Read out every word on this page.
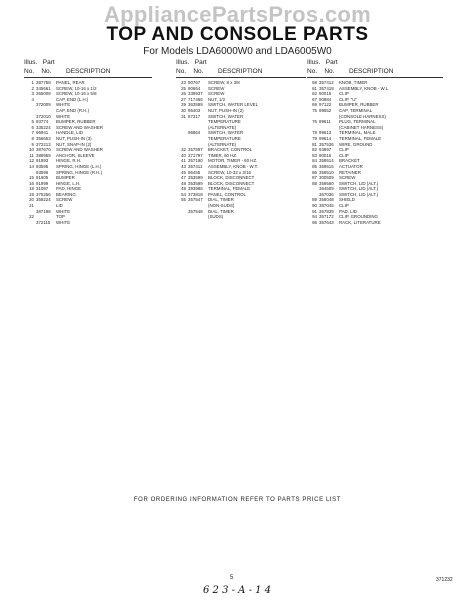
AppliancePartsPros.com
TOP AND CONSOLE PARTS
For Models LDA6000W0 and LDA6005W0
Illus. Part
No. No. DESCRIPTION
1 387758 PANEL, REAR
2 345661 SCREW, 10-16 x 1/2
3 365008 SCREW, 10-16 x 5/8
4	CAP, END (L.H.)
372009 WHITE
CAP, END (R.H.)
372010 WHITE
5 93774 BUMPER, RUBBER
6 335224 SCREW AND WASHER
7 96941 HANDLE, LID
8 356653 NUT, PUSH-IN (3)
9 372213 NUT, SNAP-IN (2)
10 387670 SCREW AND WASHER
11 389959 ANCHOR, SLEEVE
12 91993 HINGE, R.H.
14 93595 SPRING, HINGE (L.H.)
93596 SPRING, HINGE (R.H.)
15 91605 BUMPER
16 91999 HINGE, L.H.
18 31097 PAD, HINGE
19 375256 BEARING
20 359224 SCREW
21	LID
387198 WHITE
22	TOP
372115 WHITE
Illus. Part
No. No. DESCRIPTION
23 90767 SCREW, 8 x 3/8
25 90664 SCREW
26 339937 SCREW
27 717466 NUT, 1/2
29 363599 SWITCH, WATER LEVEL
30 95403 NUT, PUSH-IN (2)
31 87317 SWITCH, WATER
TEMPERATURE
(ALTERNATE)
96864 SWITCH, WATER
TEMPERATURE
(ALTERNATE)
32 357597 BRACKET, CONTROL
40 371797 TIMER, 60 HZ.
41 357190 MOTOR, TIMER - 60 HZ.
43 357411 ASSEMBLY, KNOB - W.T.
45 96455 SCREW, 10-32 x 3/16
47 353599 BLOCK, DISCONNECT
48 353599 BLOCK, DISCONNECT
49 393986 TERMINAL, FEMALE
54 373818 PANEL, CONTROL
55 357547 DIAL, TIMER
(NON-SUDS)
357548 DIAL, TIMER
(SUDS)
Illus. Part
No. No. DESCRIPTION
58 357412 KNOB, TIMER
61 357418 ASSEMBLY, KNOB - W.L.
62 90015 CLIP
67 90984 CLIP, "U"
69 97122 BUMPER, RUBBER
75 99652 CAP, TERMINAL
(CONSOLE HARNESS)
76 99611 PLUG, TERMINAL
(CABINET HARNESS)
78 99613 TERMINAL, MALE
79 99614 TERMINAL, FEMALE
81 357536 WIRE, GROUND
82 93897 CLIP
83 90016 CLIP
84 359514 BRACKET
85 359515 ACTUATOR
86 359510 RETAINER
87 300509 SCREW
88 359560 SWITCH, LID (ALT.)
364509 SWITCH, LID (ALT.)
367036 SWITCH, LID (ALT.)
89 356048 SHIELD
90 387045 CLIP
91 357839 PAD, LID
94 357172 CLIP, GROUNDING
95 357643 RACK, LITERATURE
FOR ORDERING INFORMATION REFER TO PARTS PRICE LIST
5	371232
6 2 3 - A - 1 4
